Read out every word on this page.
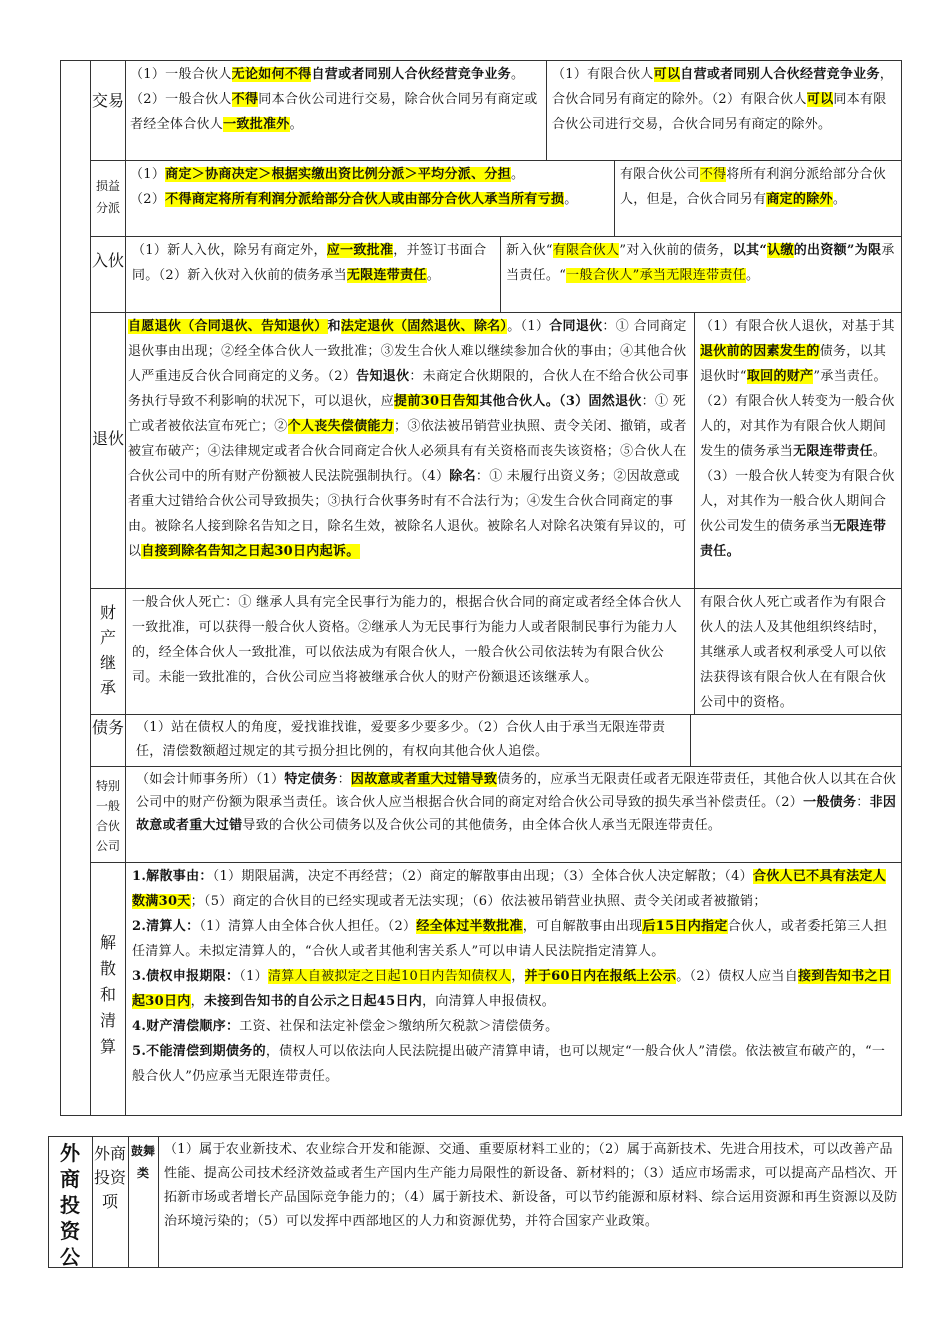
交易
（1）一般合伙人无论如何不得自营或者同别人合伙经营竞争业务。（2）一般合伙人不得同本合伙公司进行交易，除合伙合同另有商定或者经全体合伙人一致批准外。
（1）有限合伙人可以自营或者同别人合伙经营竞争业务，合伙合同另有商定的除外。（2）有限合伙人可以同本有限合伙公司进行交易，合伙合同另有商定的除外。
损益分派
（1）商定＞协商决定＞根据实缴出资比例分派＞平均分派、分担。
（2）不得商定将所有利润分派给部分合伙人或由部分合伙人承当所有亏损。
有限合伙公司不得将所有利润分派给部分合伙人，但是，合伙合同另有商定的除外。
入伙
（1）新人入伙，除另有商定外，应一致批准，并签订书面合同。（2）新入伙对入伙前的债务承当无限连带责任。
新入伙“有限合伙人”对入伙前的债务，以其“认缴的出资额”为限承当责任。“一般合伙人”承当无限连带责任。
退伙
自愿退伙（合同退伙、告知退伙）和法定退伙（固然退伙、除名）。（1）合同退伙：① 合同商定退伙事由出现；②经全体合伙人一致批准；③发生合伙人难以继续参加合伙的事由；④其他合伙人严重违反合伙合同商定的义务。（2）告知退伙：未商定合伙期限的，合伙人在不给合伙公司事务执行导致不利影响的状况下，可以退伙，应提前30日告知其他合伙人。（3）固然退伙：① 死亡或者被依法宣布死亡；②个人丧失偿债能力；③依法被吊销营业执照、责令关闭、撤销，或者被宣布破产；④法律规定或者合伙合同商定合伙人必须具有有关资格而丧失该资格；⑤合伙人在合伙公司中的所有财产份额被人民法院强制执行。（4）除名：① 未履行出资义务；②因故意或者重大过错给合伙公司导致损失；③执行合伙事务时有不合法行为；④发生合伙合同商定的事由。被除名人接到除名告知之日，除名生效，被除名人退伙。被除名人对除名决策有异议的，可以自接到除名告知之日起30日内起诉。
（1）有限合伙人退伙，对基于其退伙前的因素发生的债务，以其退伙时“取回的财产”承当责任。（2）有限合伙人转变为一般合伙人的，对其作为有限合伙人期间发生的债务承当无限连带责任。（3）一般合伙人转变为有限合伙人，对其作为一般合伙人期间合伙公司发生的债务承当无限连带责任。
财产继承
一般合伙人死亡：① 继承人具有完全民事行为能力的，根据合伙合同的商定或者经全体合伙人一致批准，可以获得一般合伙人资格。②继承人为无民事行为能力人或者限制民事行为能力人的，经全体合伙人一致批准，可以依法成为有限合伙人，一般合伙公司依法转为有限合伙公司。未能一致批准的，合伙公司应当将被继承合伙人的财产份额退还该继承人。
有限合伙人死亡或者作为有限合伙人的法人及其他组织终结时，其继承人或者权利承受人可以依法获得该有限合伙人在有限合伙公司中的资格。
债务 （1）站在债权人的角度，爱找谁找谁，爱要多少要多少。（2）合伙人由于承当无限连带责任，清偿数额超过规定的其亏损分担比例的，有权向其他合伙人追偿。
特别一般合伙公司
（如会计师事务所）（1）特定债务：因故意或者重大过错导致债务的，应承当无限责任或者无限连带责任，其他合伙人以其在合伙公司中的财产份额为限承当责任。该合伙人应当根据合伙合同的商定对给合伙公司导致的损失承当补偿责任。（2）一般债务：非因故意或者重大过错导致的合伙公司债务以及合伙公司的其他债务，由全体合伙人承当无限连带责任。
解散和清算
1.解散事由：（1）期限届满，决定不再经营；（2）商定的解散事由出现；（3）全体合伙人决定解散；（4）合伙人已不具有法定人数满30天；（5）商定的合伙目的已经实现或者无法实现；（6）依法被吊销营业执照、责令关闭或者被撤销；
2.清算人：（1）清算人由全体合伙人担任。（2）经全体过半数批准，可自解散事由出现后15日内指定合伙人，或者委托第三人担任清算人。未拟定清算人的，“合伙人或者其他利害关系人”可以申请人民法院指定清算人。
3.债权申报期限：（1）清算人自被拟定之日起10日内告知债权人，并于60日内在报纸上公示。（2）债权人应当自接到告知书之日起30日内，未接到告知书的自公示之日起45日内，向清算人申报债权。
4.财产清偿顺序：工资、社保和法定补偿金＞缴纳所欠税款＞清偿债务。
5.不能清偿到期债务的，债权人可以依法向人民法院提出破产清算申请，也可以规定“一般合伙人”清偿。依法被宣布破产的，“一般合伙人”仍应承当无限连带责任。
外商投资公
外商投资项
鼓舞类
（1）属于农业新技术、农业综合开发和能源、交通、重要原材料工业的；（2）属于高新技术、先进合用技术，可以改善产品性能、提高公司技术经济效益或者生产国内生产能力局限性的新设备、新材料的；（3）适应市场需求，可以提高产品档次、开拓新市场或者增长产品国际竞争能力的；（4）属于新技术、新设备，可以节约能源和原材料、综合运用资源和再生资源以及防治环境污染的；（5）可以发挥中西部地区的人力和资源优势，并符合国家产业政策。
